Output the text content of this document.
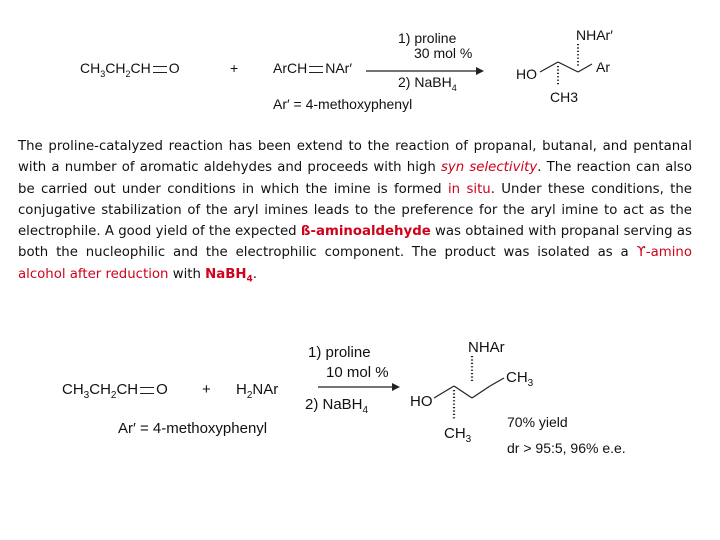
$CH_3CH_2CH$ O	+ ArCH NAr′
1) proline
30 mol %
2) NaBH$_4$
Ar′ = 4-methoxyphenyl
NHAr′
HO	Ar
CH3
The proline-catalyzed reaction has been extend to the reaction of propanal, butanal, and pentanal with a number of aromatic aldehydes and proceeds with high syn selectivity. The reaction can also be carried out under conditions in which the imine is formed in situ. Under these conditions, the conjugative stabilization of the aryl imines leads to the preference for the aryl imine to act as the electrophile. A good yield of the expected ß-aminoaldehyde was obtained with propanal serving as both the nucleophilic and the electrophilic component. The product was isolated as a ϒ-amino alcohol after reduction with NaBH$_4$.
$CH_3CH_2CH$ $O + H_2NAr$
1) proline
10 mol %
2) NaBH$_4$
Ar′ = 4-methoxyphenyl
NHAr
HO
$CH_3$
$CH_3$
70% yield
dr > 95:5, 96% e.e.
